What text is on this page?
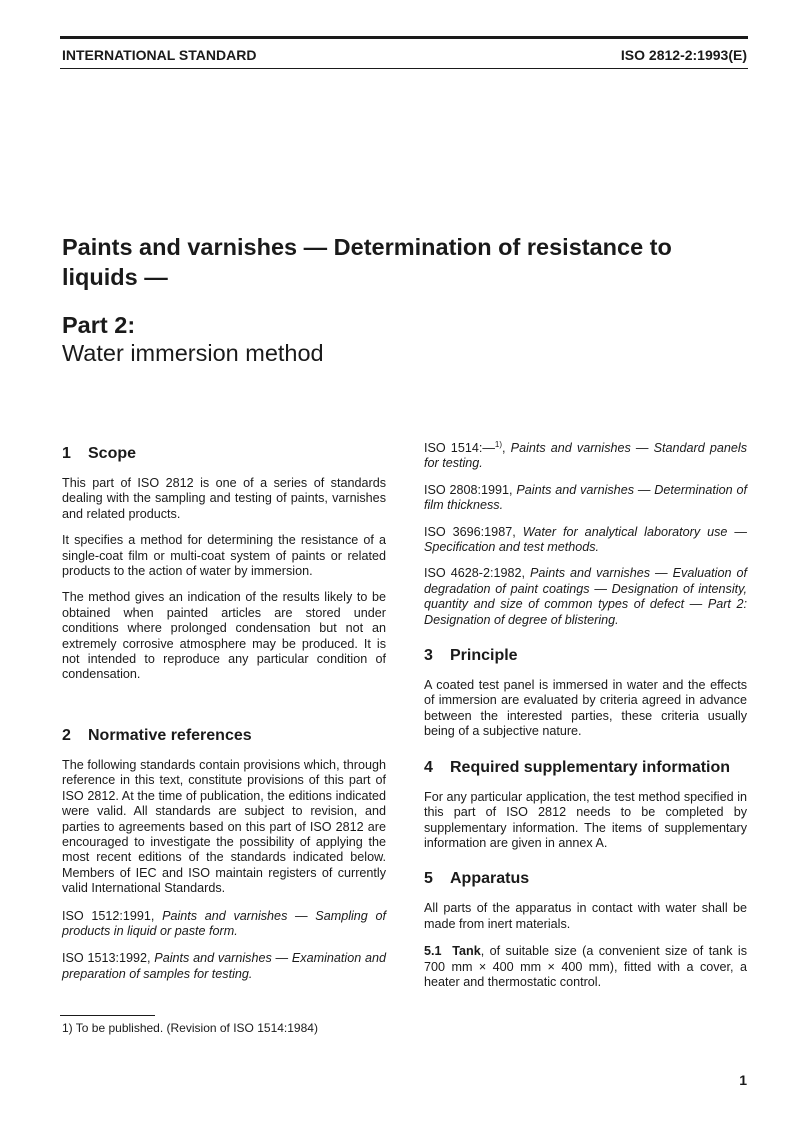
INTERNATIONAL STANDARD	ISO 2812-2:1993(E)
Paints and varnishes — Determination of resistance to
liquids —
Part 2:
Water immersion method
1 Scope

This part of ISO 2812 is one of a series of standards dealing with the sampling and testing of paints, varnishes and related products.

It specifies a method for determining the resistance of a single-coat film or multi-coat system of paints or related products to the action of water by immersion.

The method gives an indication of the results likely to be obtained when painted articles are stored under conditions where prolonged condensation but not an extremely corrosive atmosphere may be produced. It is not intended to reproduce any particular condition of condensation.

2 Normative references

The following standards contain provisions which, through reference in this text, constitute provisions of this part of ISO 2812. At the time of publication, the editions indicated were valid. All standards are subject to revision, and parties to agreements based on this part of ISO 2812 are encouraged to investigate the possibility of applying the most recent editions of the standards indicated below. Members of IEC and ISO maintain registers of currently valid International Standards.

ISO 1512:1991, Paints and varnishes — Sampling of products in liquid or paste form.

ISO 1513:1992, Paints and varnishes — Examination and preparation of samples for testing.

ISO 1514:—$^{1)}$, Paints and varnishes — Standard panels for testing.

ISO 2808:1991, Paints and varnishes — Determination of film thickness.

ISO 3696:1987, Water for analytical laboratory use — Specification and test methods.

ISO 4628-2:1982, Paints and varnishes — Evaluation of degradation of paint coatings — Designation of intensity, quantity and size of common types of defect — Part 2: Designation of degree of blistering.

3 Principle

A coated test panel is immersed in water and the effects of immersion are evaluated by criteria agreed in advance between the interested parties, these criteria usually being of a subjective nature.

4 Required supplementary information

For any particular application, the test method specified in this part of ISO 2812 needs to be completed by supplementary information. The items of supplementary information are given in annex A.

5 Apparatus

All parts of the apparatus in contact with water shall be made from inert materials.

5.1 Tank, of suitable size (a convenient size of tank is 700 mm × 400 mm × 400 mm), fitted with a cover, a heater and thermostatic control.

1) To be published. (Revision of ISO 1514:1984)
1
